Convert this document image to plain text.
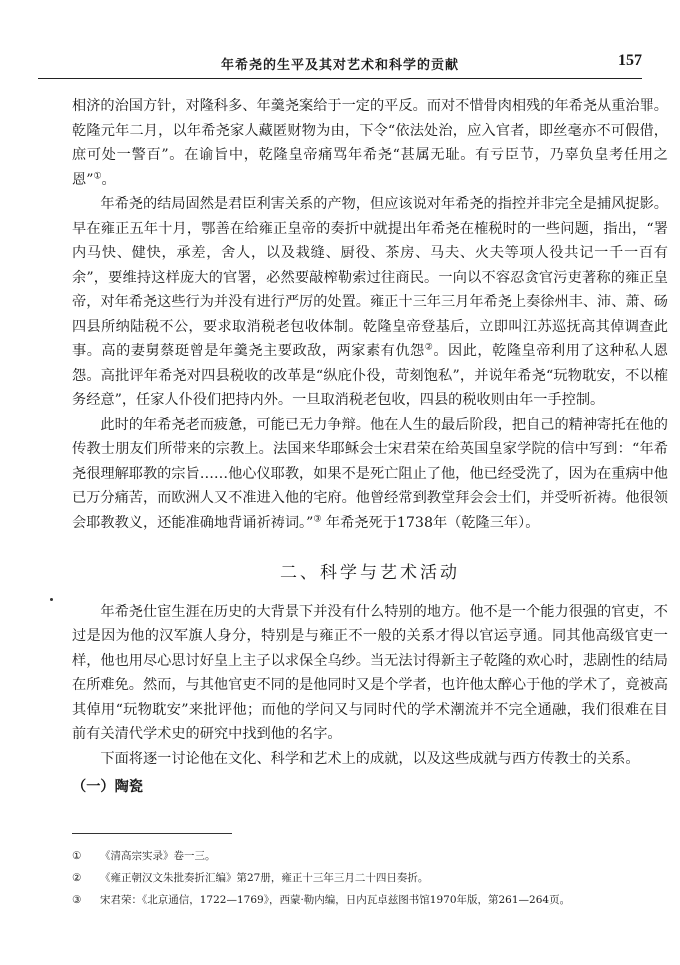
年希尧的生平及其对艺术和科学的贡献	157

相济的治国方针，对隆科多、年羹尧案给于一定的平反。而对不惜骨肉相残的年希尧从重治罪。乾隆元年二月，以年希尧家人藏匿财物为由，下令“依法处治，应入官者，即丝毫亦不可假借，庶可处一警百”。在谕旨中，乾隆皇帝痛骂年希尧“甚属无耻。有亏臣节，乃辜负皇考任用之恩”①。

年希尧的结局固然是君臣利害关系的产物，但应该说对年希尧的指控并非完全是捕风捉影。早在雍正五年十月，鄂善在给雍正皇帝的奏折中就提出年希尧在榷税时的一些问题，指出，“署内马快、健快，承差，舍人，以及栽缝、厨役、茶房、马夫、火夫等项人役共记一千一百有余”，要维持这样庞大的官署，必然要敲榨勒索过往商民。一向以不容忍贪官污吏著称的雍正皇帝，对年希尧这些行为并没有进行严厉的处置。雍正十三年三月年希尧上奏徐州丰、沛、萧、砀四县所纳陆税不公，要求取消税老包收体制。乾隆皇帝登基后，立即叫江苏巡抚高其倬调查此事。高的妻舅蔡珽曾是年羹尧主要政敌，两家素有仇怨②。因此，乾隆皇帝利用了这种私人恩怨。高批评年希尧对四县税收的改革是“纵庇仆役，苛刻饱私”，并说年希尧“玩物耽安，不以榷务经意”，任家人仆役们把持内外。一旦取消税老包收，四县的税收则由年一手控制。

此时的年希尧老而疲惫，可能已无力争辩。他在人生的最后阶段，把自己的精神寄托在他的传教士朋友们所带来的宗教上。法国来华耶稣会士宋君荣在给英国皇家学院的信中写到：“年希尧很理解耶教的宗旨……他心仪耶教，如果不是死亡阻止了他，他已经受洗了，因为在重病中他已万分痛苦，而欧洲人又不准进入他的宅府。他曾经常到教堂拜会会士们，并受听祈祷。他很领会耶教教义，还能准确地背诵祈祷词。”③ 年希尧死于1738年（乾隆三年）。

二、科学与艺术活动

年希尧仕宦生涯在历史的大背景下并没有什么特别的地方。他不是一个能力很强的官吏，不过是因为他的汉军旗人身分，特别是与雍正不一般的关系才得以官运亨通。同其他高级官吏一样，他也用尽心思讨好皇上主子以求保全乌纱。当无法讨得新主子乾隆的欢心时，悲剧性的结局在所难免。然而，与其他官吏不同的是他同时又是个学者，也许他太醉心于他的学术了，竟被高其倬用“玩物耽安”来批评他；而他的学问又与同时代的学术潮流并不完全通融，我们很难在目前有关清代学术史的研究中找到他的名字。

下面将逐一讨论他在文化、科学和艺术上的成就，以及这些成就与西方传教士的关系。

（一）陶瓷
①	《清高宗实录》卷一三。
②	《雍正朝汉文朱批奏折汇编》第27册，雍正十三年三月二十四日奏折。
③	宋君荣：《北京通信，1722—1769》，西蒙·勒内编，日内瓦卓兹图书馆1970年版，第261—264页。
